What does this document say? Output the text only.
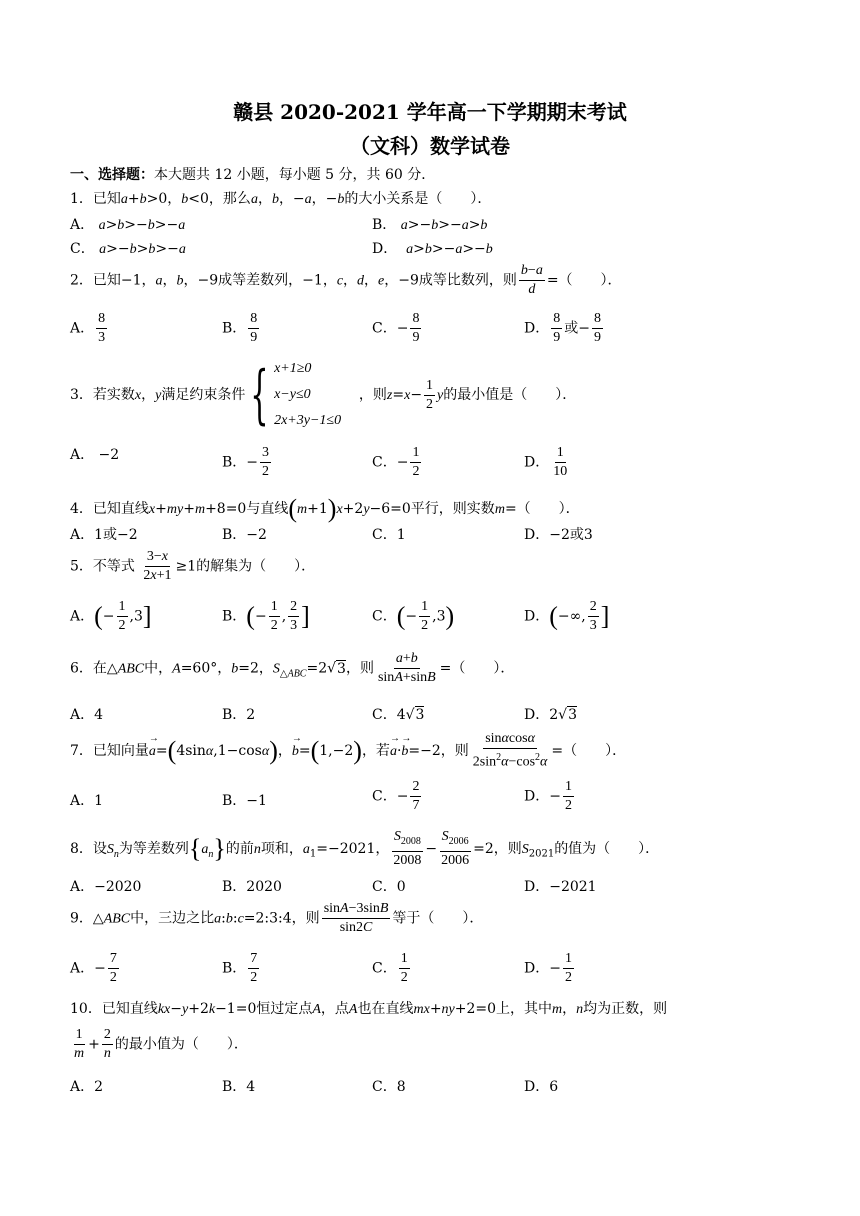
赣县 2020-2021 学年高一下学期期末考试
（文科）数学试卷
一、选择题：本大题共 12 小题，每小题 5 分，共 60 分．
1．已知a+b>0，b<0，那么a，b，−a，−b的大小关系是（　　）．
A． a>b>−b>−a	B． a>−b>−a>b
C． a>−b>b>−a	D．  a>b>−a>−b
2．已知−1，a，b，−9成等差数列，−1，c，d，e，−9成等比数列，则 $\frac{b-a}{d}$ =（　　）．
A． $\frac{8}{3}$	B． $\frac{8}{9}$	C．− $\frac{8}{9}$	D． $\frac{8}{9}$ 或− $\frac{8}{9}$
3．若实数x，y满足约束条件 { x+1≥0
x−y≤0
2x+3y−1≤0
，则$z=x- \frac{1}{2}$ y的最小值是（　　）．
A． −2	B．− $\frac{3}{2}$	C．− $\frac{1}{2}$	D． $\frac{1}{10}$
4．已知直线x+my+m+8=0与直线(m+1)x+2y−6=0平行，则实数m=（　　）．
A．1或−2	B．−2	C．1	D．−2或3
5．不等式 $\frac{3-x}{2x+1} \ge 1$的解集为（　　）．
A．(− $\frac{1}{2} ,3$]	B．(− $\frac{1}{2}$ , $\frac{2}{3}$ ]	C．(− $\frac{1}{2} ,3$)	D．(−∞, $\frac{2}{3}$ ]
6．在△ABC中，A=60°，b=2，$S_{\triangle ABC}=2√3$，则 $\frac{a+b}{\sin A+\sin B}$ =（　　）．
A．4	B．2	C．4√3	D．2√3
7．已知向量a →=(4sinα,1−cosα)，b →=(1,−2)，若a →·b →=−2，则 $\frac{\sin\alpha\cos\alpha}{2\sin^2\alpha-\cos^2\alpha}$ =（　　）．
A．1	B．−1	C．− $\frac{2}{7}$	D．− $\frac{1}{2}$
8．设$S_n$为等差数列$\{a_n\}$的前n项和，$a_1=-2021$， $\frac{S_{2008}}{2008} - \frac{S_{2006}}{2006} =2$，则$S_{2021}$的值为（　　）．
A．−2020	B．2020	C．0	D．−2021
9．△ABC中，三边之比a:b:c=2:3:4，则 $\frac{\sin A-3\sin B}{\sin 2C}$ 等于（　　）．
A．− $\frac{7}{2}$	B． $\frac{7}{2}$	C． $\frac{1}{2}$	D．− $\frac{1}{2}$
10．已知直线kx−y+2k−1=0恒过定点A，点A也在直线mx+ny+2=0上，其中m，n均为正数，则
$\frac{1}{m} + \frac{2}{n}$ 的最小值为（　　）．
A．2	B．4	C．8	D．6
